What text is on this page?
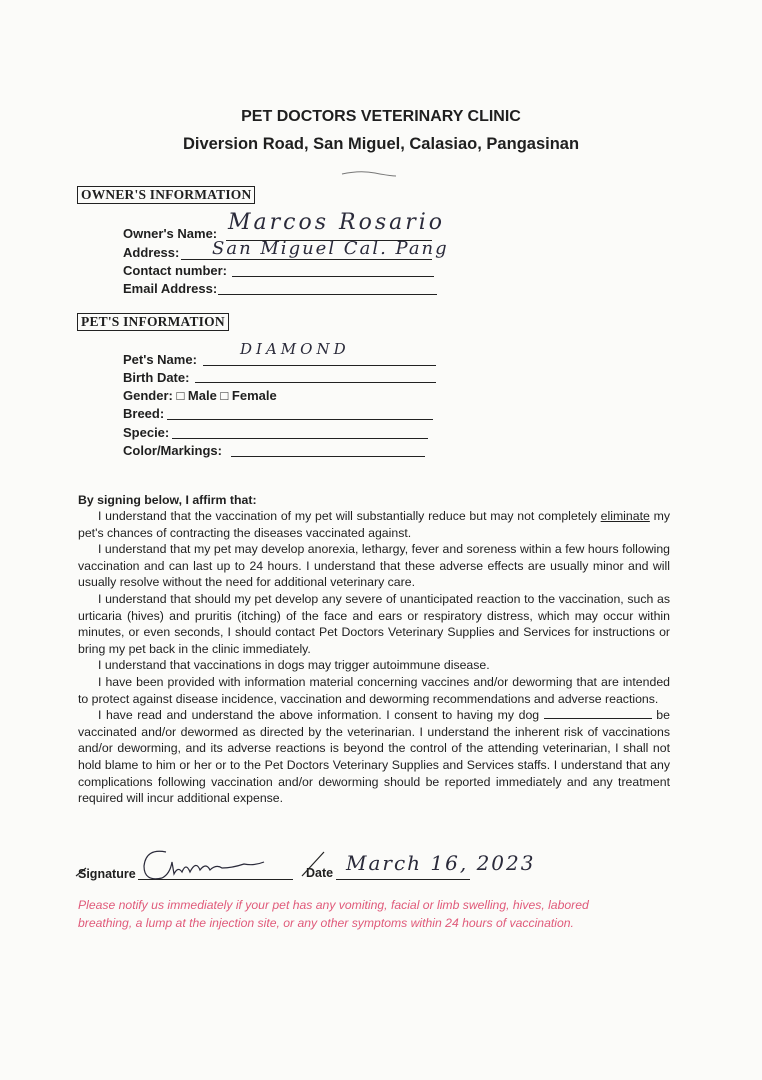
PET DOCTORS VETERINARY CLINIC
Diversion Road, San Miguel, Calasiao, Pangasinan
OWNER'S INFORMATION
Owner's Name: Marcos Rosario
Address: San Miguel Cal. Pang
Contact number:
Email Address:
PET'S INFORMATION
Pet's Name:
DIAMOND
Birth Date:
Gender: □ Male □ Female
Breed:
Specie:
Color/Markings:
By signing below, I affirm that:

I understand that the vaccination of my pet will substantially reduce but may not completely eliminate my pet's chances of contracting the diseases vaccinated against.

I understand that my pet may develop anorexia, lethargy, fever and soreness within a few hours following vaccination and can last up to 24 hours. I understand that these adverse effects are usually minor and will usually resolve without the need for additional veterinary care.

I understand that should my pet develop any severe of unanticipated reaction to the vaccination, such as urticaria (hives) and pruritis (itching) of the face and ears or respiratory distress, which may occur within minutes, or even seconds, I should contact Pet Doctors Veterinary Supplies and Services for instructions or bring my pet back in the clinic immediately.

I understand that vaccinations in dogs may trigger autoimmune disease.

I have been provided with information material concerning vaccines and/or deworming that are intended to protect against disease incidence, vaccination and deworming recommendations and adverse reactions.

I have read and understand the above information. I consent to having my dog	be vaccinated and/or dewormed as directed by the veterinarian. I understand the inherent risk of vaccinations and/or deworming, and its adverse reactions is beyond the control of the attending veterinarian, I shall not hold blame to him or her or to the Pet Doctors Veterinary Supplies and Services staffs. I understand that any complications following vaccination and/or deworming should be reported immediately and any treatment required will incur additional expense.

Signature	Date March 16, 2023
Please notify us immediately if your pet has any vomiting, facial or limb swelling, hives, labored breathing, a lump at the injection site, or any other symptoms within 24 hours of vaccination.
